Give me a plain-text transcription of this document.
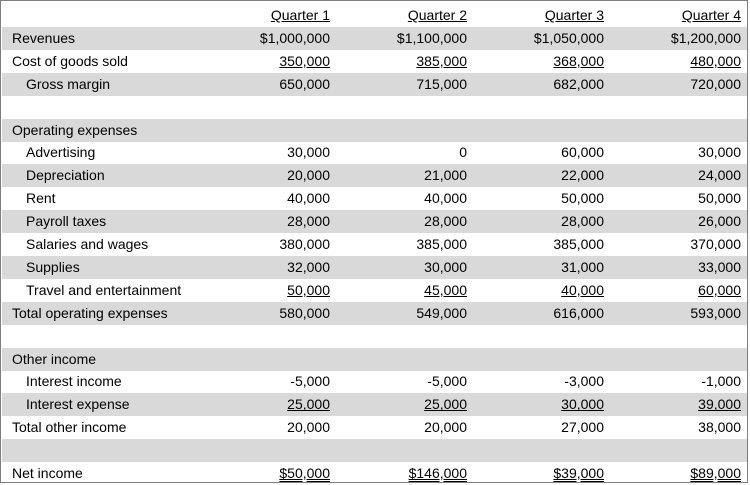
Quarter 1	Quarter 2	Quarter 3	Quarter 4
Revenues	$1,000,000	$1,100,000	$1,050,000	$1,200,000
Cost of goods sold	350,000	385,000	368,000	480,000
Gross margin	650,000	715,000	682,000	720,000
Operating expenses
Advertising	30,000	0	60,000	30,000
Depreciation	20,000	21,000	22,000	24,000
Rent	40,000	40,000	50,000	50,000
Payroll taxes	28,000	28,000	28,000	26,000
Salaries and wages	380,000	385,000	385,000	370,000
Supplies	32,000	30,000	31,000	33,000
Travel and entertainment	50,000	45,000	40,000	60,000
Total operating expenses	580,000	549,000	616,000	593,000
Other income
Interest income	-5,000	-5,000	-3,000	-1,000
Interest expense	25,000	25,000	30,000	39,000
Total other income	20,000	20,000	27,000	38,000
Net income	$50,000	$146,000	$39,000	$89,000
